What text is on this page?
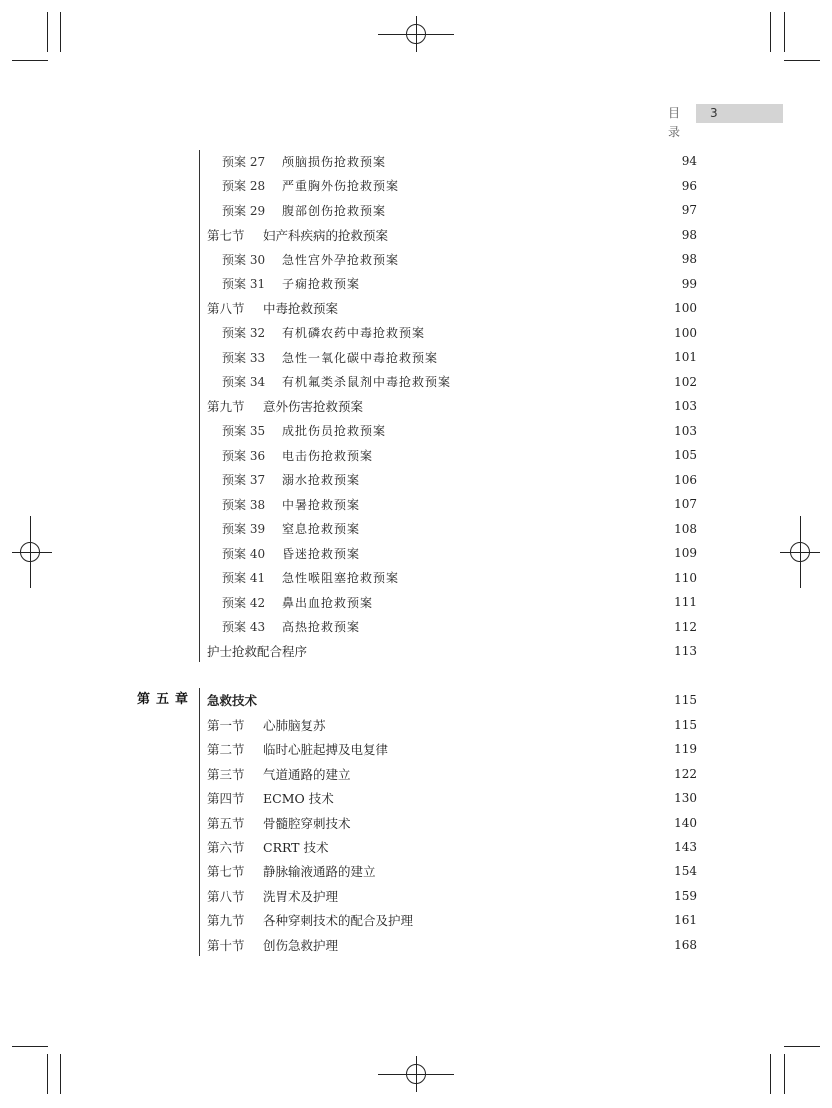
目 录
3
第五章
预案 27	颅脑损伤抢救预案	94
预案 28	严重胸外伤抢救预案	96
预案 29	腹部创伤抢救预案	97
第七节	妇产科疾病的抢救预案	98
预案 30	急性宫外孕抢救预案	98
预案 31	子痫抢救预案	99
第八节	中毒抢救预案	100
预案 32	有机磷农药中毒抢救预案	100
预案 33	急性一氧化碳中毒抢救预案	101
预案 34	有机氟类杀鼠剂中毒抢救预案	102
第九节	意外伤害抢救预案	103
预案 35	成批伤员抢救预案	103
预案 36	电击伤抢救预案	105
预案 37	溺水抢救预案	106
预案 38	中暑抢救预案	107
预案 39	窒息抢救预案	108
预案 40	昏迷抢救预案	109
预案 41	急性喉阻塞抢救预案	110
预案 42	鼻出血抢救预案	111
预案 43	高热抢救预案	112
护士抢救配合程序	113
急救技术	115
第一节	心肺脑复苏	115
第二节	临时心脏起搏及电复律	119
第三节	气道通路的建立	122
第四节	ECMO 技术	130
第五节	骨髓腔穿刺技术	140
第六节	CRRT 技术	143
第七节	静脉输液通路的建立	154
第八节	洗胃术及护理	159
第九节	各种穿刺技术的配合及护理	161
第十节	创伤急救护理	168
